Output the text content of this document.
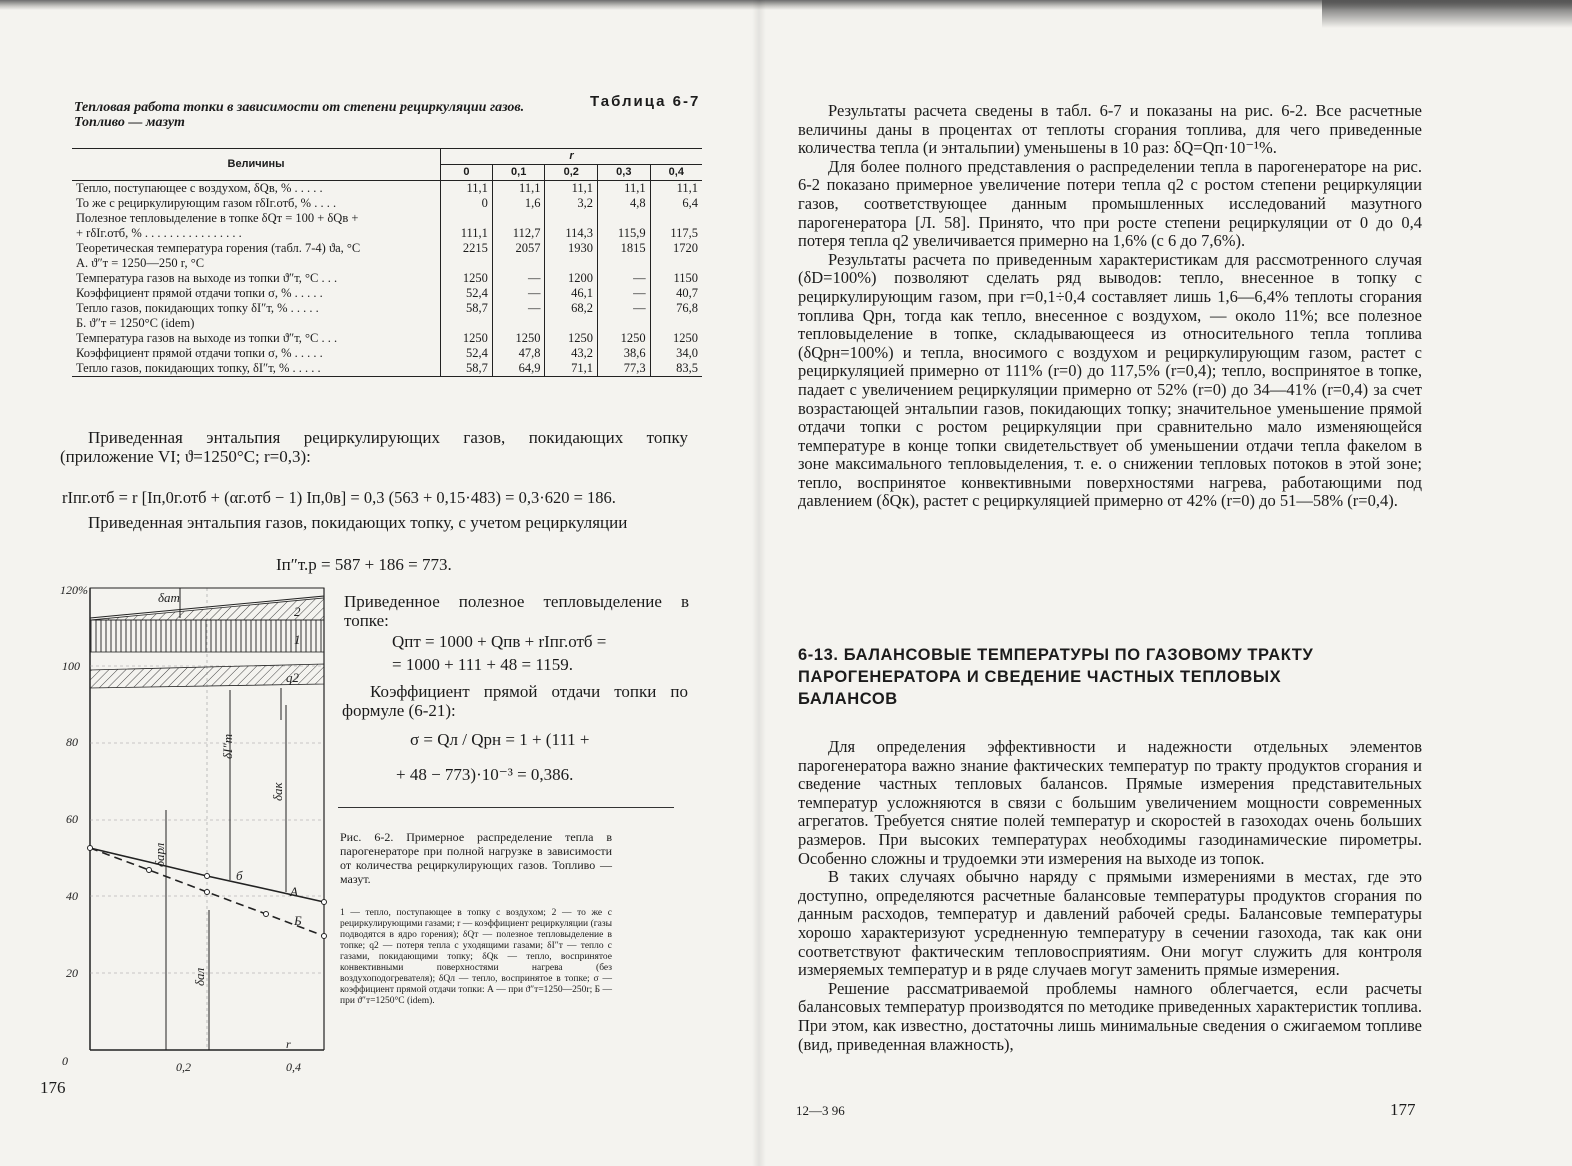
Таблица 6-7
Тепловая работа топки в зависимости от степени рециркуляции газов.
Топливо — мазут
Величины	r				
	0	0,1	0,2	0,3	0,4
Тепло, поступающее с воздухом, δQв, % . . . . .	11,1	11,1	11,1	11,1	11,1
То же с рециркулирующим газом rδIг.отб, % . . . .	0	1,6	3,2	4,8	6,4
Полезное тепловыделение в топке δQт = 100 + δQв +					
+ rδIг.отб, % . . . . . . . . . . . . . . . .	111,1	112,7	114,3	115,9	117,5
Теоретическая температура горения (табл. 7-4) ϑa, °C	2215	2057	1930	1815	1720
А. ϑ″т = 1250—250 r, °C					
Температура газов на выходе из топки ϑ″т, °C . . .	1250	—	1200	—	1150
Коэффициент прямой отдачи топки σ, % . . . . .	52,4	—	46,1	—	40,7
Тепло газов, покидающих топку δI″т, % . . . . .	58,7	—	68,2	—	76,8
Б. ϑ″т = 1250°C (idem)					
Температура газов на выходе из топки ϑ″т, °C . . .	1250	1250	1250	1250	1250
Коэффициент прямой отдачи топки σ, % . . . . .	52,4	47,8	43,2	38,6	34,0
Тепло газов, покидающих топку, δI″т, % . . . . .	58,7	64,9	71,1	77,3	83,5
Приведенная энтальпия рециркулирующих газов, покидающих топку (приложение VI; ϑ=1250°C; r=0,3):
rIпг.отб = r [Iп,0г.отб + (αг.отб − 1) Iп,0в] = 0,3 (563 + 0,15·483) = 0,3·620 = 186.
Приведенная энтальпия газов, покидающих топку, с учетом рециркуляции
Iп″т.р = 587 + 186 = 773.
Приведенное полезное тепловыделение в топке:
Qпт = 1000 + Qпв + rIпг.отб =
= 1000 + 111 + 48 = 1159.
Коэффициент прямой отдачи топки по формуле (6-21):
σ = Qл / Qрн = 1 + (111 +
+ 48 − 773)·10⁻³ = 0,386.
120%
100
80
60
40
20
0	0,2	0,4
r
δaт
1
2
q2
δI″т
δaк
δaрл
δaл
б
А
Б
Рис. 6-2. Примерное распределение тепла в парогенераторе при полной нагрузке в зависимости от количества рециркулирующих газов. Топливо — мазут.
1 — тепло, поступающее в топку с воздухом; 2 — то же с рециркулирующими газами; r — коэффициент рециркуляции (газы подводятся в ядро горения); δQт — полезное тепловыделение в топке; q2 — потеря тепла с уходящими газами; δI″т — тепло с газами, покидающими топку; δQк — тепло, воспринятое конвективными поверхностями нагрева (без воздухоподогревателя); δQл — тепло, воспринятое в топке; σ — коэффициент прямой отдачи топки: А — при ϑ″т=1250—250r; Б — при ϑ″т=1250°C (idem).
176

Результаты расчета сведены в табл. 6-7 и показаны на рис. 6-2. Все расчетные величины даны в процентах от теплоты сгорания топлива, для чего приведенные количества тепла (и энтальпии) уменьшены в 10 раз: δQ=Qп·10⁻¹%.

Для более полного представления о распределении тепла в парогенераторе на рис. 6-2 показано примерное увеличение потери тепла q2 с ростом степени рециркуляции газов, соответствующее данным промышленных исследований мазутного парогенератора [Л. 58]. Принято, что при росте степени рециркуляции от 0 до 0,4 потеря тепла q2 увеличивается примерно на 1,6% (с 6 до 7,6%).

Результаты расчета по приведенным характеристикам для рассмотренного случая (δD=100%) позволяют сделать ряд выводов: тепло, внесенное в топку с рециркулирующим газом, при r=0,1÷0,4 составляет лишь 1,6—6,4% теплоты сгорания топлива Qрн, тогда как тепло, внесенное с воздухом, — около 11%; все полезное тепловыделение в топке, складывающееся из относительного тепла топлива (δQрн=100%) и тепла, вносимого с воздухом и рециркулирующим газом, растет с рециркуляцией примерно от 111% (r=0) до 117,5% (r=0,4); тепло, воспринятое в топке, падает с увеличением рециркуляции примерно от 52% (r=0) до 34—41% (r=0,4) за счет возрастающей энтальпии газов, покидающих топку; значительное уменьшение прямой отдачи топки с ростом рециркуляции при сравнительно мало изменяющейся температуре в конце топки свидетельствует об уменьшении отдачи тепла факелом в зоне максимального тепловыделения, т. е. о снижении тепловых потоков в этой зоне; тепло, воспринятое конвективными поверхностями нагрева, работающими под давлением (δQк), растет с рециркуляцией примерно от 42% (r=0) до 51—58% (r=0,4).

6-13. БАЛАНСОВЫЕ ТЕМПЕРАТУРЫ ПО ГАЗОВОМУ ТРАКТУ
ПАРОГЕНЕРАТОРА И СВЕДЕНИЕ ЧАСТНЫХ ТЕПЛОВЫХ
БАЛАНСОВ

Для определения эффективности и надежности отдельных элементов парогенератора важно знание фактических температур по тракту продуктов сгорания и сведение частных тепловых балансов. Прямые измерения представительных температур усложняются в связи с большим увеличением мощности современных агрегатов. Требуется снятие полей температур и скоростей в газоходах очень больших размеров. При высоких температурах необходимы газодинамические пирометры. Особенно сложны и трудоемки эти измерения на выходе из топок.

В таких случаях обычно наряду с прямыми измерениями в местах, где это доступно, определяются расчетные балансовые температуры продуктов сгорания по данным расходов, температур и давлений рабочей среды. Балансовые температуры хорошо характеризуют усредненную температуру в сечении газохода, так как они соответствуют фактическим тепловосприятиям. Они могут служить для контроля измеряемых температур и в ряде случаев могут заменить прямые измерения.

Решение рассматриваемой проблемы намного облегчается, если расчеты балансовых температур производятся по методике приведенных характеристик топлива. При этом, как известно, достаточны лишь минимальные сведения о сжигаемом топливе (вид, приведенная влажность),

12—3 96	177
